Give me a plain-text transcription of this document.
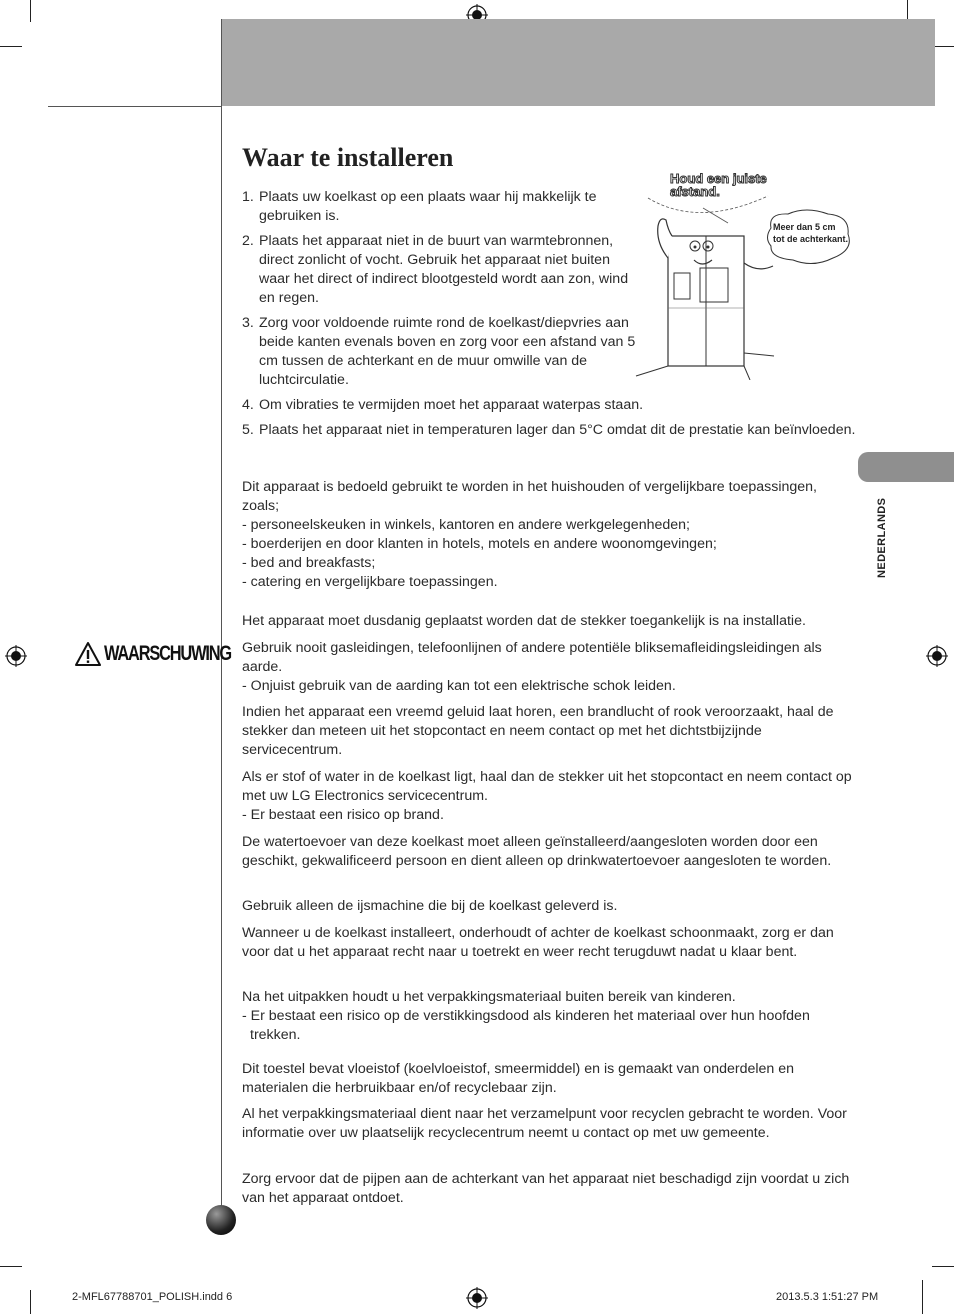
NEDERLANDS
Waar te installeren
Houd een juiste afstand.
Meer dan 5 cm
tot de achterkant.
1. Plaats uw koelkast op een plaats waar hij makkelijk te gebruiken is.
2. Plaats het apparaat niet in de buurt van warmtebronnen, direct zonlicht of vocht. Gebruik het apparaat niet buiten waar het direct of indirect blootgesteld wordt aan zon, wind en regen.
3. Zorg voor voldoende ruimte rond de koelkast/diepvries aan beide kanten evenals boven en zorg voor een afstand van 5 cm tussen de achterkant en de muur omwille van de luchtcirculatie.
4. Om vibraties te vermijden moet het apparaat waterpas staan.
5. Plaats het apparaat niet in temperaturen lager dan 5°C omdat dit de prestatie kan beïnvloeden.
Dit apparaat is bedoeld gebruikt te worden in het huishouden of vergelijkbare toepassingen, zoals;
- personeelskeuken in winkels, kantoren en andere werkgelegenheden;
- boerderijen en door klanten in hotels, motels en andere woonomgevingen;
- bed and breakfasts;
- catering en vergelijkbare toepassingen.
Het apparaat moet dusdanig geplaatst worden dat de stekker toegankelijk is na installatie.
WAARSCHUWING Gebruik nooit gasleidingen, telefoonlijnen of andere potentiële bliksemafleidingsleidingen als aarde.
- Onjuist gebruik van de aarding kan tot een elektrische schok leiden.
Indien het apparaat een vreemd geluid laat horen, een brandlucht of rook veroorzaakt, haal de stekker dan meteen uit het stopcontact en neem contact op met het dichtstbijzijnde servicecentrum.
Als er stof of water in de koelkast ligt, haal dan de stekker uit het stopcontact en neem contact op met uw LG Electronics servicecentrum.
- Er bestaat een risico op brand.
De watertoevoer van deze koelkast moet alleen geïnstalleerd/aangesloten worden door een geschikt, gekwalificeerd persoon en dient alleen op drinkwatertoevoer aangesloten te worden.
Gebruik alleen de ijsmachine die bij de koelkast geleverd is.
Wanneer u de koelkast installeert, onderhoudt of achter de koelkast schoonmaakt, zorg er dan voor dat u het apparaat recht naar u toetrekt en weer recht terugduwt nadat u klaar bent.
Na het uitpakken houdt u het verpakkingsmateriaal buiten bereik van kinderen.
- Er bestaat een risico op de verstikkingsdood als kinderen het materiaal over hun hoofden trekken.
Dit toestel bevat vloeistof (koelvloeistof, smeermiddel) en is gemaakt van onderdelen en materialen die herbruikbaar en/of recyclebaar zijn.
Al het verpakkingsmateriaal dient naar het verzamelpunt voor recyclen gebracht te worden. Voor informatie over uw plaatselijk recyclecentrum neemt u contact op met uw gemeente.
Zorg ervoor dat de pijpen aan de achterkant van het apparaat niet beschadigd zijn voordat u zich van het apparaat ontdoet.
2-MFL67788701_POLISH.indd 6	2013.5.3 1:51:27 PM
